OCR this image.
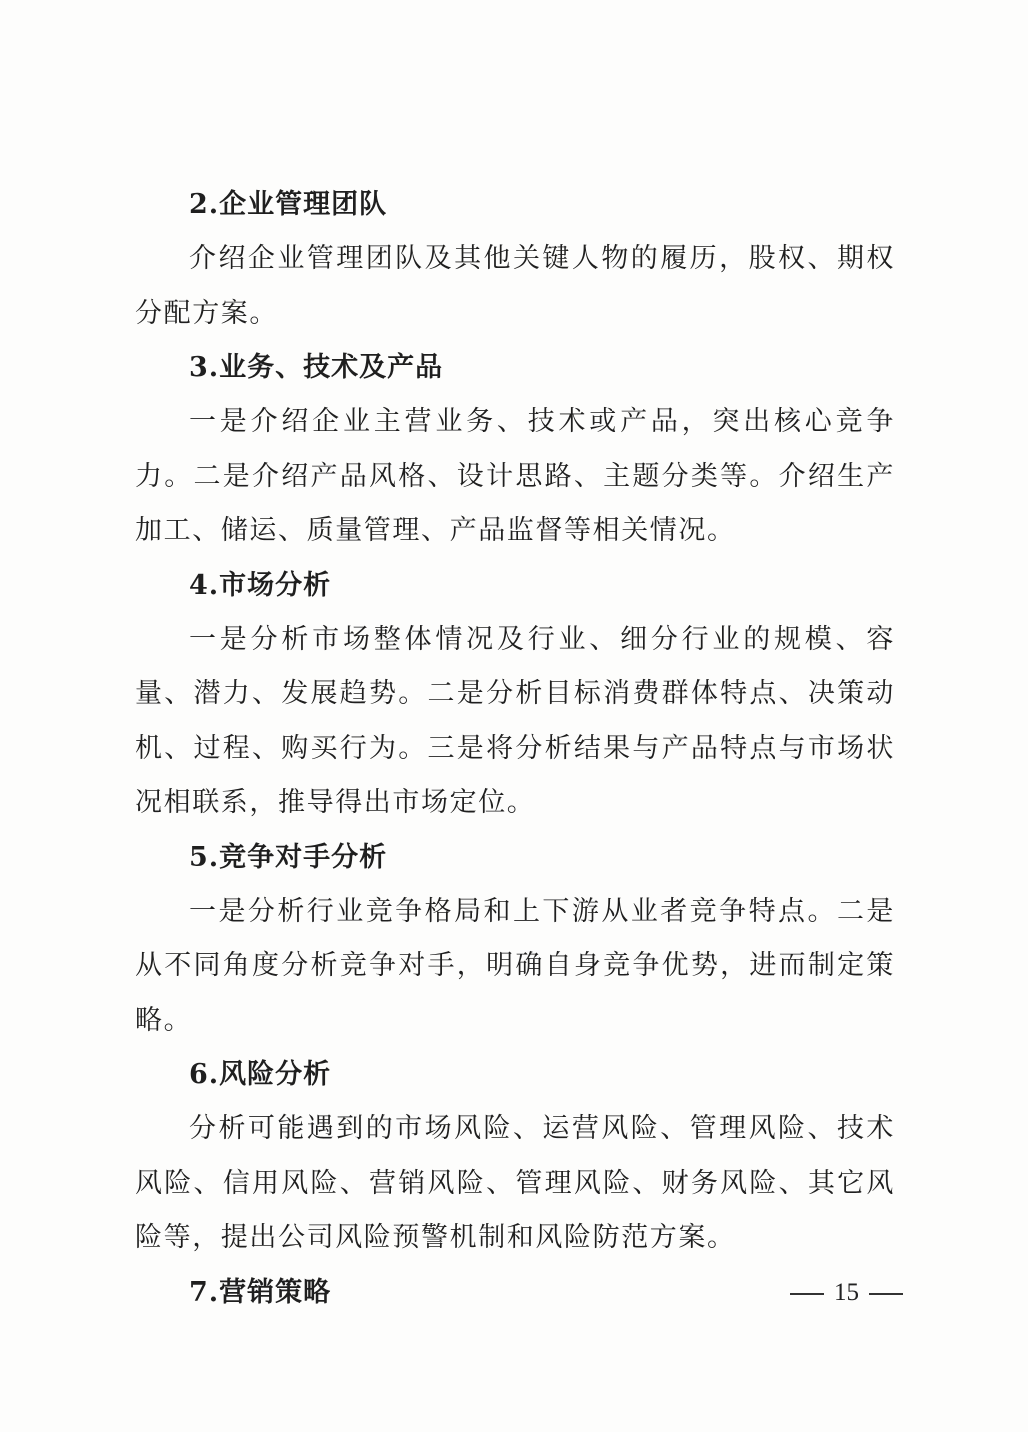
2.企业管理团队

介绍企业管理团队及其他关键人物的履历，股权、期权分配方案。

3.业务、技术及产品

一是介绍企业主营业务、技术或产品，突出核心竞争力。二是介绍产品风格、设计思路、主题分类等。介绍生产加工、储运、质量管理、产品监督等相关情况。

4.市场分析

一是分析市场整体情况及行业、细分行业的规模、容量、潜力、发展趋势。二是分析目标消费群体特点、决策动机、过程、购买行为。三是将分析结果与产品特点与市场状况相联系，推导得出市场定位。

5.竞争对手分析

一是分析行业竞争格局和上下游从业者竞争特点。二是从不同角度分析竞争对手，明确自身竞争优势，进而制定策略。

6.风险分析

分析可能遇到的市场风险、运营风险、管理风险、技术风险、信用风险、营销风险、管理风险、财务风险、其它风险等，提出公司风险预警机制和风险防范方案。

7.营销策略	15
